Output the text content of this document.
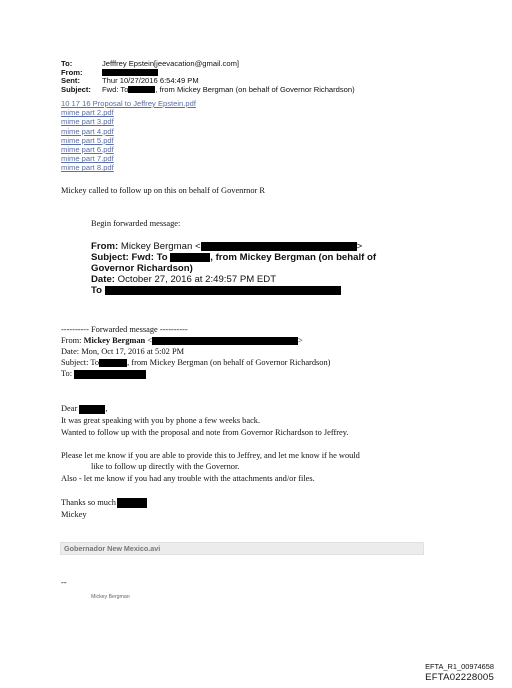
To:	Jefffrey Epstein[jeevacation@gmail.com]
From:
Sent:	Thur 10/27/2016 6:54:49 PM
Subject: Fwd: To	, from Mickey Bergman (on behalf of Governor Richardson)
10 17 16 Proposal to Jeffrey Epstein.pdf
mime part 2.pdf
mime part 3.pdf
mime part 4.pdf
mime part 5.pdf
mime part 6.pdf
mime part 7.pdf
mime part 8.pdf
Mickey called to follow up on this on behalf of Govenrnor R
Begin forwarded message:
From: Mickey Bergman <	>
Subject: Fwd: To	, from Mickey Bergman (on behalf of
Governor Richardson)
Date: October 27, 2016 at 2:49:57 PM EDT
To
---------- Forwarded message ----------
From: Mickey Bergman <	>
Date: Mon, Oct 17, 2016 at 5:02 PM
Subject: To	, from Mickey Bergman (on behalf of Governor Richardson)
To:
Dear	,
It was great speaking with you by phone a few weeks back.
Wanted to follow up with the proposal and note from Governor Richardson to Jeffrey.
Please let me know if you are able to provide this to Jeffrey, and let me know if he would
like to follow up directly with the Governor.
Also - let me know if you had any trouble with the attachments and/or files.
Thanks so much
Mickey
Gobernador New Mexico.avi
--
Mickey Bergman
EFTA_R1_00974658
EFTA02228005
